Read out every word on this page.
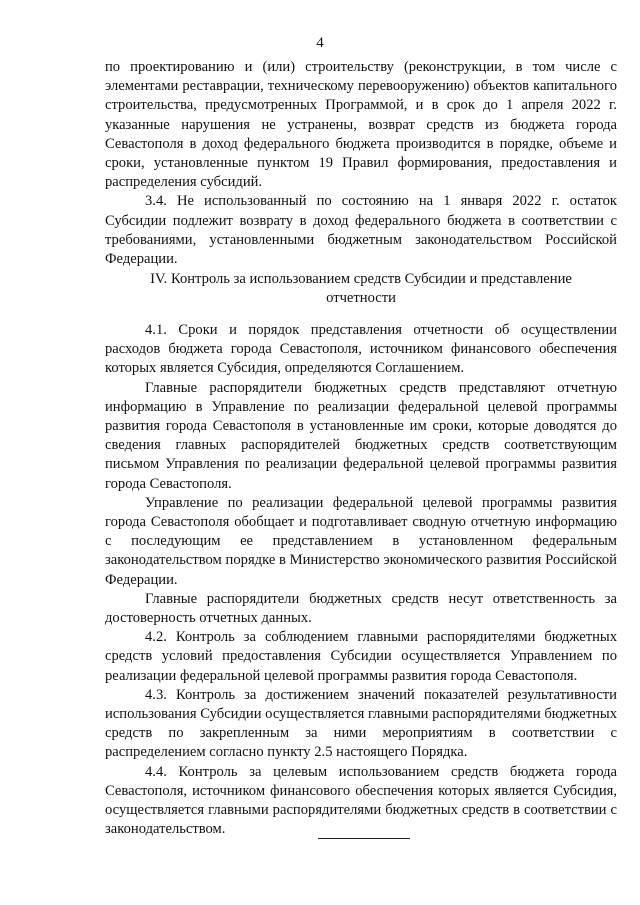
4

по проектированию и (или) строительству (реконструкции, в том числе с элементами реставрации, техническому перевооружению) объектов капитального строительства, предусмотренных Программой, и в срок до 1 апреля 2022 г. указанные нарушения не устранены, возврат средств из бюджета города Севастополя в доход федерального бюджета производится в порядке, объеме и сроки, установленные пунктом 19 Правил формирования, предоставления и распределения субсидий.

3.4. Не использованный по состоянию на 1 января 2022 г. остаток Субсидии подлежит возврату в доход федерального бюджета в соответствии с требованиями, установленными бюджетным законодательством Российской Федерации.

IV. Контроль за использованием средств Субсидии и представление

отчетности

4.1. Сроки и порядок представления отчетности об осуществлении расходов бюджета города Севастополя, источником финансового обеспечения которых является Субсидия, определяются Соглашением.

Главные распорядители бюджетных средств представляют отчетную информацию в Управление по реализации федеральной целевой программы развития города Севастополя в установленные им сроки, которые доводятся до сведения главных распорядителей бюджетных средств соответствующим письмом Управления по реализации федеральной целевой программы развития города Севастополя.

Управление по реализации федеральной целевой программы развития города Севастополя обобщает и подготавливает сводную отчетную информацию с последующим ее представлением в установленном федеральным законодательством порядке в Министерство экономического развития Российской Федерации.

Главные распорядители бюджетных средств несут ответственность за достоверность отчетных данных.

4.2. Контроль за соблюдением главными распорядителями бюджетных средств условий предоставления Субсидии осуществляется Управлением по реализации федеральной целевой программы развития города Севастополя.

4.3. Контроль за достижением значений показателей результативности использования Субсидии осуществляется главными распорядителями бюджетных средств по закрепленным за ними мероприятиям в соответствии с распределением согласно пункту 2.5 настоящего Порядка.

4.4. Контроль за целевым использованием средств бюджета города Севастополя, источником финансового обеспечения которых является Субсидия, осуществляется главными распорядителями бюджетных средств в соответствии с законодательством.
